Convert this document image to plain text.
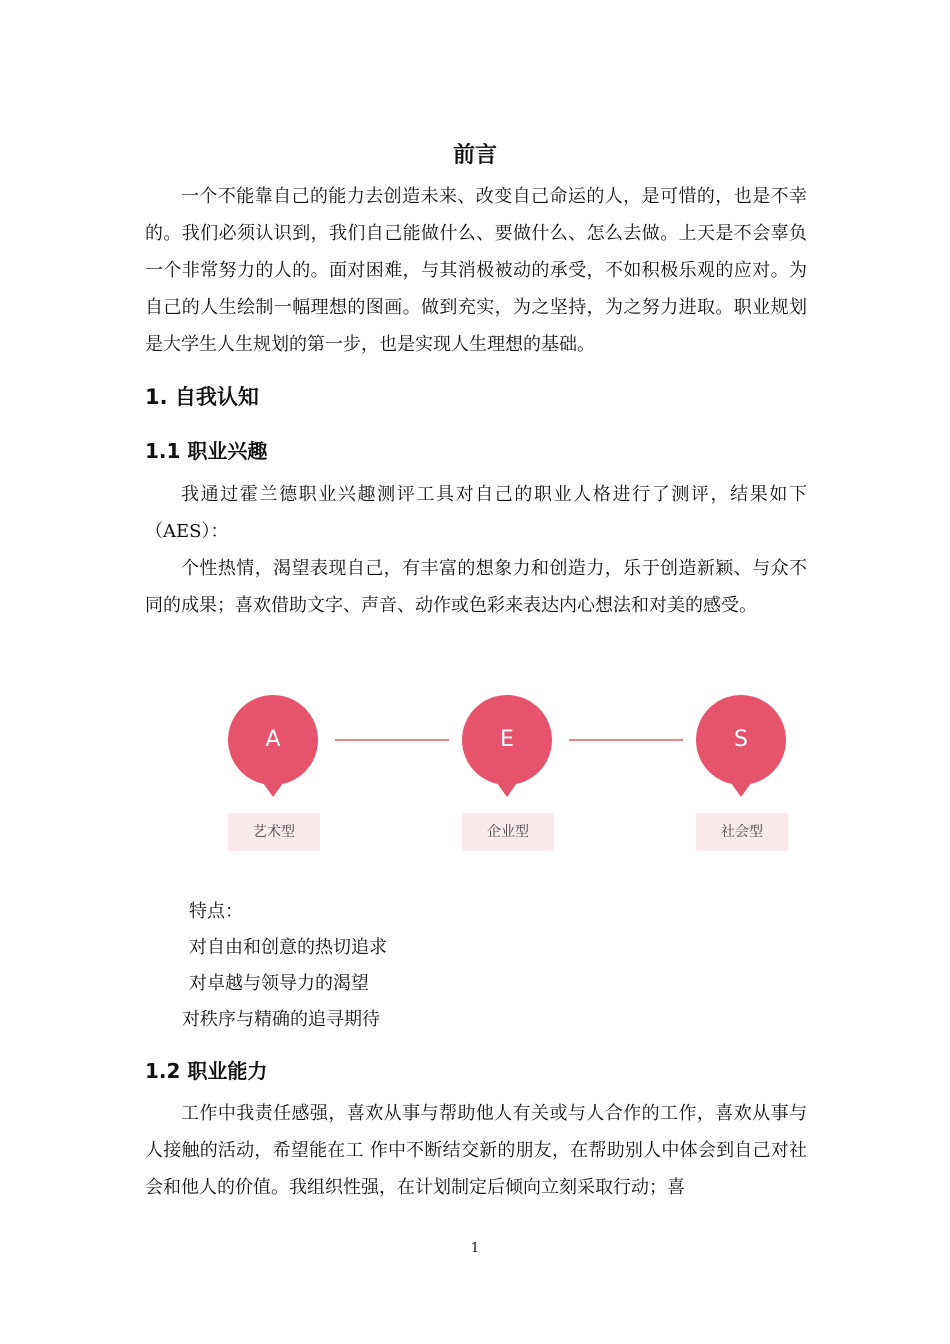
前言
一个不能靠自己的能力去创造未来、改变自己命运的人，是可惜的，也是不幸的。我们必须认识到，我们自己能做什么、要做什么、怎么去做。上天是不会辜负一个非常努力的人的。面对困难，与其消极被动的承受，不如积极乐观的应对。为自己的人生绘制一幅理想的图画。做到充实，为之坚持，为之努力进取。职业规划是大学生人生规划的第一步，也是实现人生理想的基础。
1. 自我认知
1.1 职业兴趣
我通过霍兰德职业兴趣测评工具对自己的职业人格进行了测评，结果如下（AES）：
个性热情，渴望表现自己，有丰富的想象力和创造力，乐于创造新颖、与众不同的成果；喜欢借助文字、声音、动作或色彩来表达内心想法和对美的感受。
A
艺术型
E
企业型
S
社会型
特点：
对自由和创意的热切追求
对卓越与领导力的渴望
对秩序与精确的追寻期待
1.2 职业能力
工作中我责任感强，喜欢从事与帮助他人有关或与人合作的工作，喜欢从事与人接触的活动，希望能在工 作中不断结交新的朋友，在帮助别人中体会到自己对社会和他人的价值。我组织性强，在计划制定后倾向立刻采取行动；喜
1
